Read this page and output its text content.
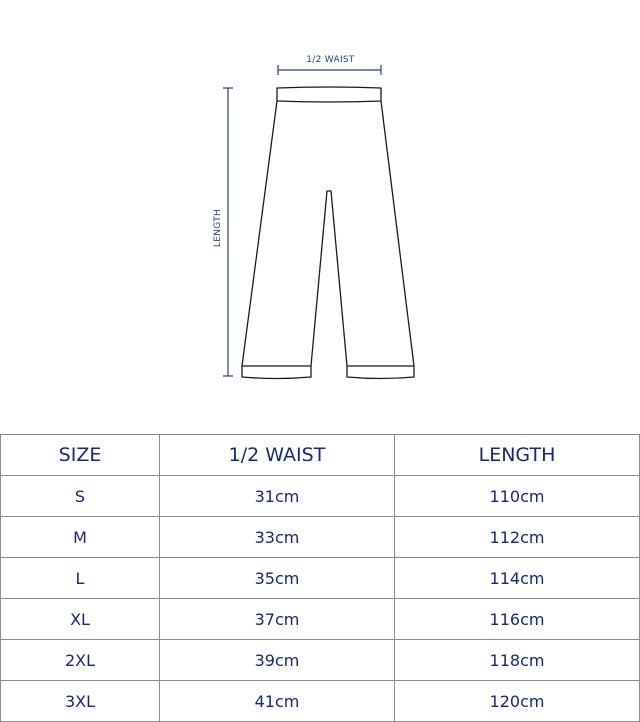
1/2 WAIST
LENGTH
SIZE	1/2 WAIST	LENGTH
S	31cm	110cm
M	33cm	112cm
L	35cm	114cm
XL	37cm	116cm
2XL	39cm	118cm
3XL	41cm	120cm
